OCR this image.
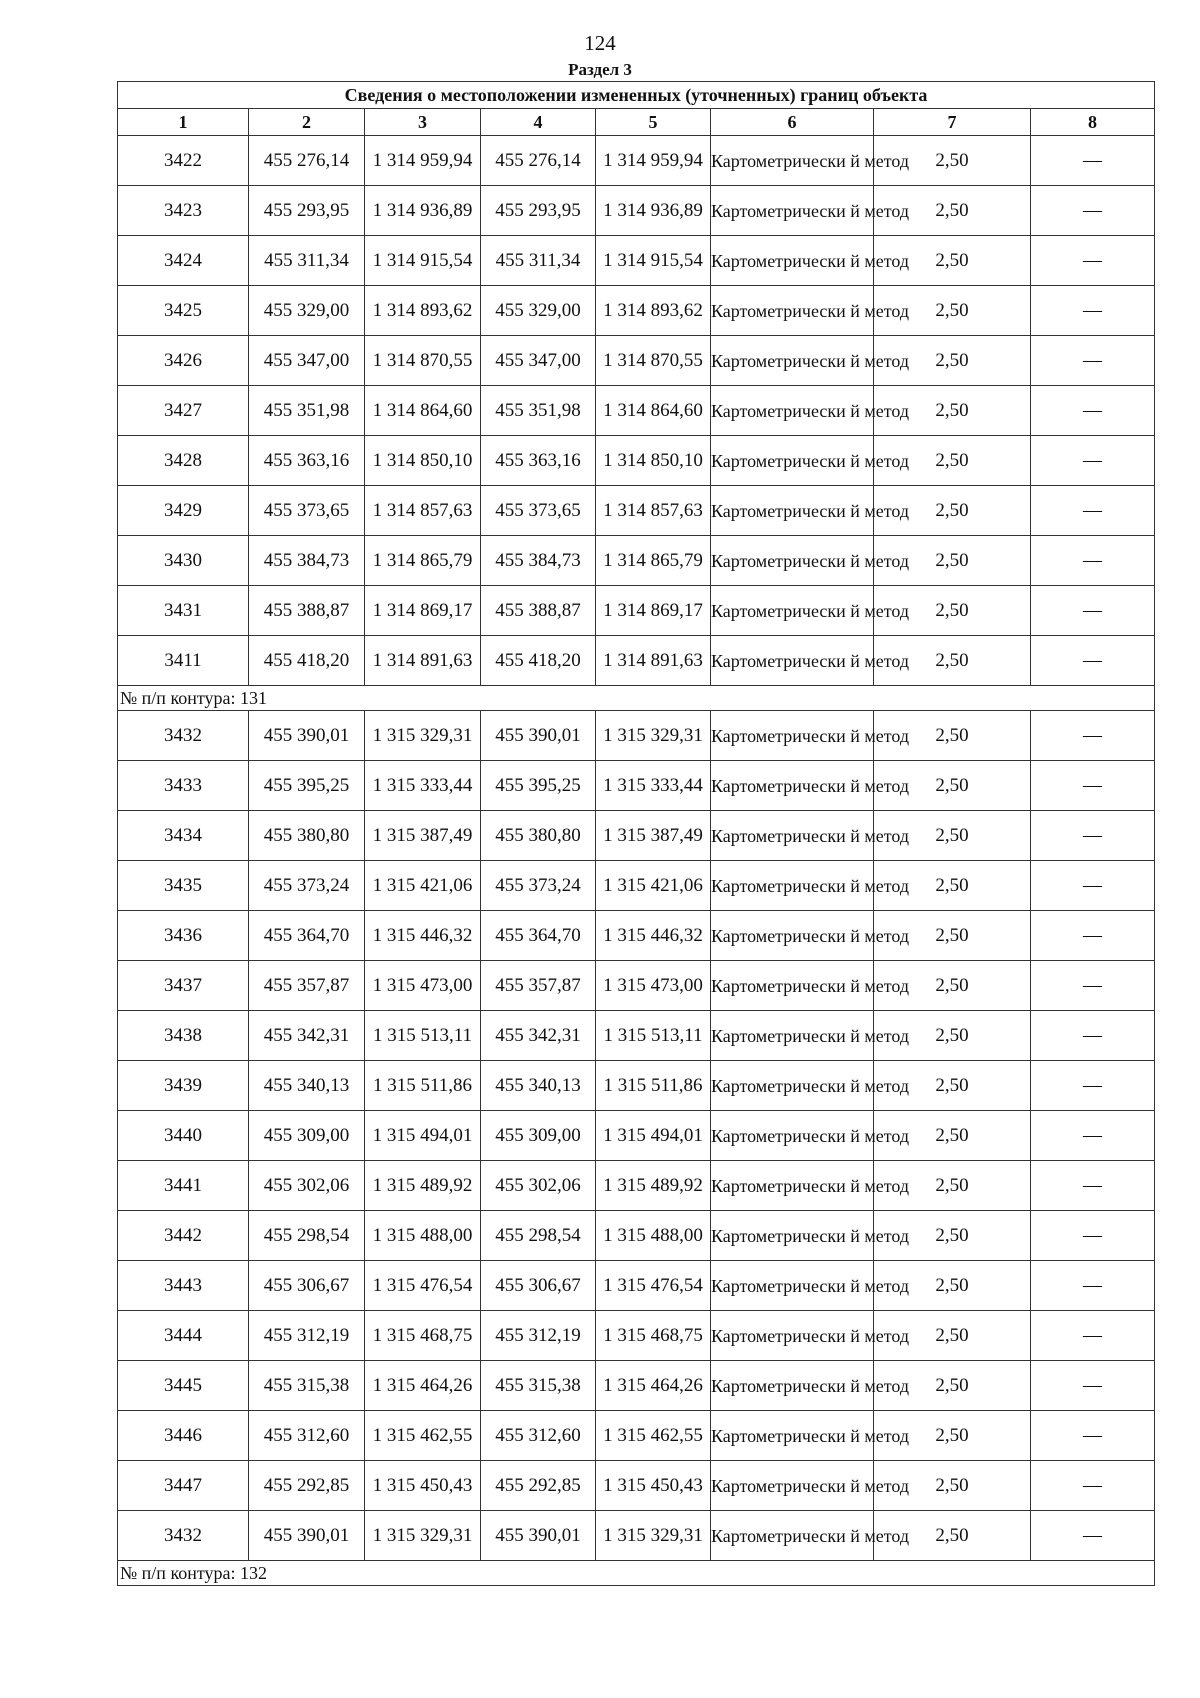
124
Раздел 3
Сведения о местоположении измененных (уточненных) границ объекта							
1	2	3	4	5	6	7	8
3422	455 276,14	1 314 959,94	455 276,14	1 314 959,94	Картометрически й метод	2,50	—
3423	455 293,95	1 314 936,89	455 293,95	1 314 936,89	Картометрически й метод	2,50	—
3424	455 311,34	1 314 915,54	455 311,34	1 314 915,54	Картометрически й метод	2,50	—
3425	455 329,00	1 314 893,62	455 329,00	1 314 893,62	Картометрически й метод	2,50	—
3426	455 347,00	1 314 870,55	455 347,00	1 314 870,55	Картометрически й метод	2,50	—
3427	455 351,98	1 314 864,60	455 351,98	1 314 864,60	Картометрически й метод	2,50	—
3428	455 363,16	1 314 850,10	455 363,16	1 314 850,10	Картометрически й метод	2,50	—
3429	455 373,65	1 314 857,63	455 373,65	1 314 857,63	Картометрически й метод	2,50	—
3430	455 384,73	1 314 865,79	455 384,73	1 314 865,79	Картометрически й метод	2,50	—
3431	455 388,87	1 314 869,17	455 388,87	1 314 869,17	Картометрически й метод	2,50	—
3411	455 418,20	1 314 891,63	455 418,20	1 314 891,63	Картометрически й метод	2,50	—
№ п/п контура: 131							
3432	455 390,01	1 315 329,31	455 390,01	1 315 329,31	Картометрически й метод	2,50	—
3433	455 395,25	1 315 333,44	455 395,25	1 315 333,44	Картометрически й метод	2,50	—
3434	455 380,80	1 315 387,49	455 380,80	1 315 387,49	Картометрически й метод	2,50	—
3435	455 373,24	1 315 421,06	455 373,24	1 315 421,06	Картометрически й метод	2,50	—
3436	455 364,70	1 315 446,32	455 364,70	1 315 446,32	Картометрически й метод	2,50	—
3437	455 357,87	1 315 473,00	455 357,87	1 315 473,00	Картометрически й метод	2,50	—
3438	455 342,31	1 315 513,11	455 342,31	1 315 513,11	Картометрически й метод	2,50	—
3439	455 340,13	1 315 511,86	455 340,13	1 315 511,86	Картометрически й метод	2,50	—
3440	455 309,00	1 315 494,01	455 309,00	1 315 494,01	Картометрически й метод	2,50	—
3441	455 302,06	1 315 489,92	455 302,06	1 315 489,92	Картометрически й метод	2,50	—
3442	455 298,54	1 315 488,00	455 298,54	1 315 488,00	Картометрически й метод	2,50	—
3443	455 306,67	1 315 476,54	455 306,67	1 315 476,54	Картометрически й метод	2,50	—
3444	455 312,19	1 315 468,75	455 312,19	1 315 468,75	Картометрически й метод	2,50	—
3445	455 315,38	1 315 464,26	455 315,38	1 315 464,26	Картометрически й метод	2,50	—
3446	455 312,60	1 315 462,55	455 312,60	1 315 462,55	Картометрически й метод	2,50	—
3447	455 292,85	1 315 450,43	455 292,85	1 315 450,43	Картометрически й метод	2,50	—
3432	455 390,01	1 315 329,31	455 390,01	1 315 329,31	Картометрически й метод	2,50	—
№ п/п контура: 132							
